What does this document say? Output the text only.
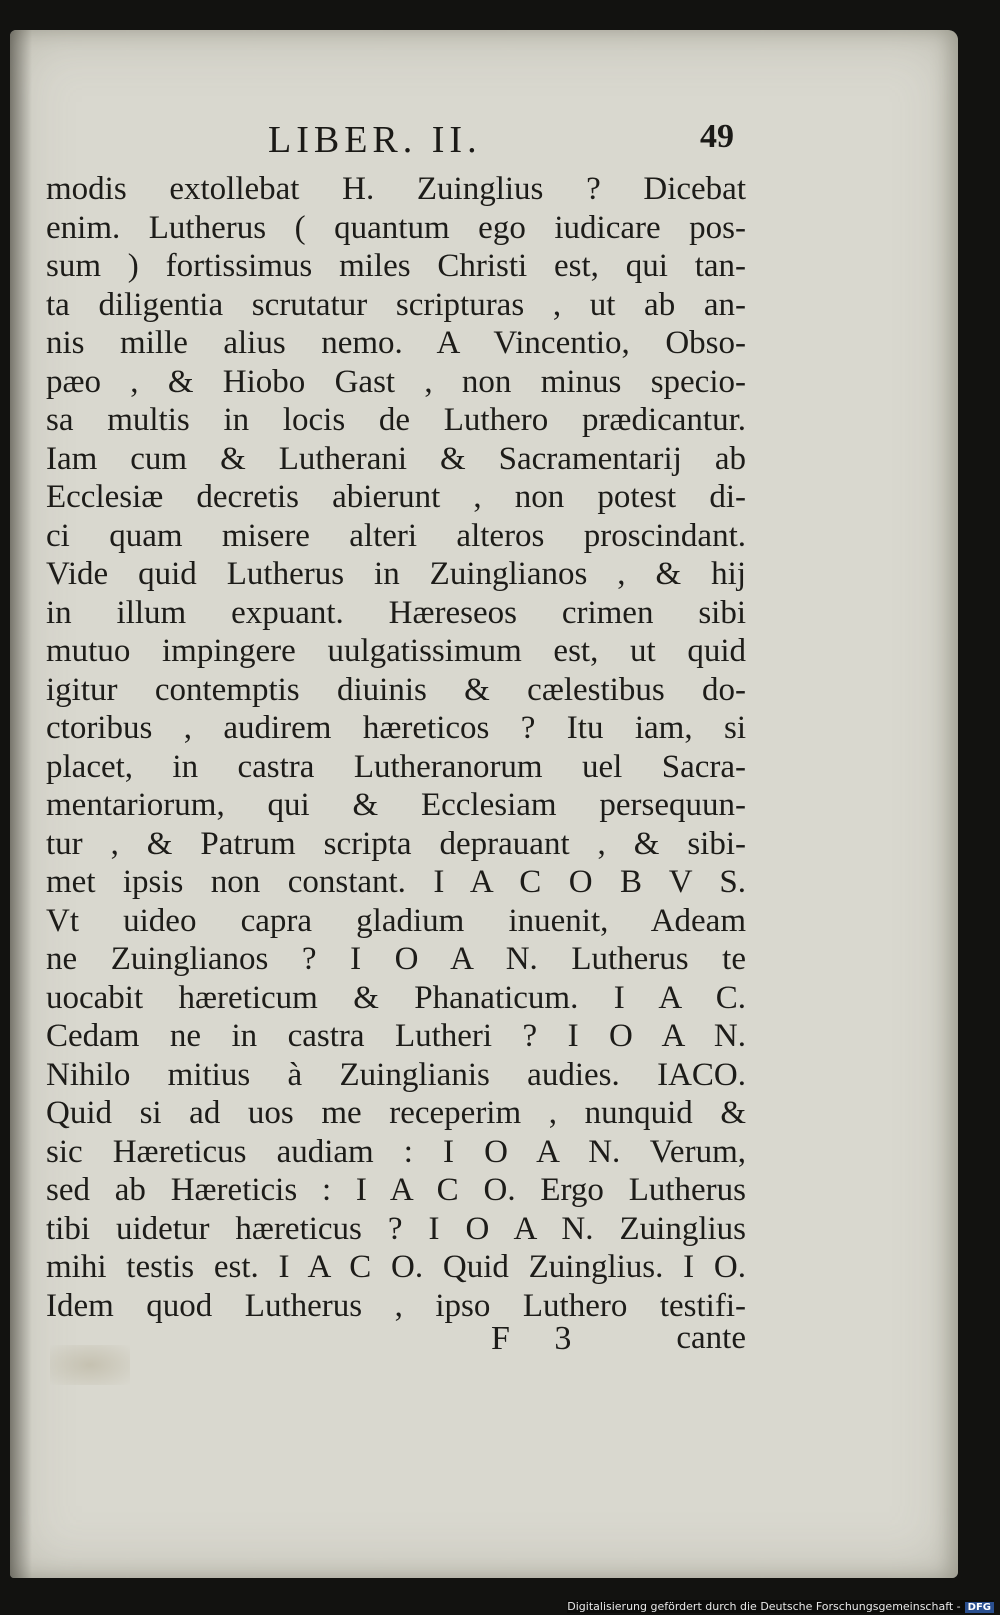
LIBER. II.	49
modis extollebat H. Zuinglius ? Dicebat
enim. Lutherus ( quantum ego iudicare pos-
sum ) fortissimus miles Christi est, qui tan-
ta diligentia scrutatur scripturas , ut ab an-
nis mille alius nemo. A Vincentio, Obso-
pæo , & Hiobo Gast , non minus specio-
sa multis in locis de Luthero prædicantur.
Iam cum & Lutherani & Sacramentarij ab
Ecclesiæ decretis abierunt , non potest di-
ci quam misere alteri alteros proscindant.
Vide quid Lutherus in Zuinglianos , & hij
in illum expuant. Hæreseos crimen sibi
mutuo impingere uulgatissimum est, ut quid
igitur contemptis diuinis & cælestibus do-
ctoribus , audirem hæreticos ? Itu iam, si
placet, in castra Lutheranorum uel Sacra-
mentariorum, qui & Ecclesiam persequun-
tur , & Patrum scripta deprauant , & sibi-
met ipsis non constant. I A C O B V S.
Vt uideo capra gladium inuenit, Adeam
ne Zuinglianos ? I O A N. Lutherus te
uocabit hæreticum & Phanaticum. I A C.
Cedam ne in castra Lutheri ? I O A N.
Nihilo mitius à Zuinglianis audies. IACO.
Quid si ad uos me receperim , nunquid &
sic Hæreticus audiam : I O A N. Verum,
sed ab Hæreticis : I A C O. Ergo Lutherus
tibi uidetur hæreticus ? I O A N. Zuinglius
mihi testis est. I A C O. Quid Zuinglius. I O.
Idem quod Lutherus , ipso Luthero testifi-
F 3	cante
Digitalisierung gefördert durch die Deutsche Forschungsgemeinschaft - DFG
